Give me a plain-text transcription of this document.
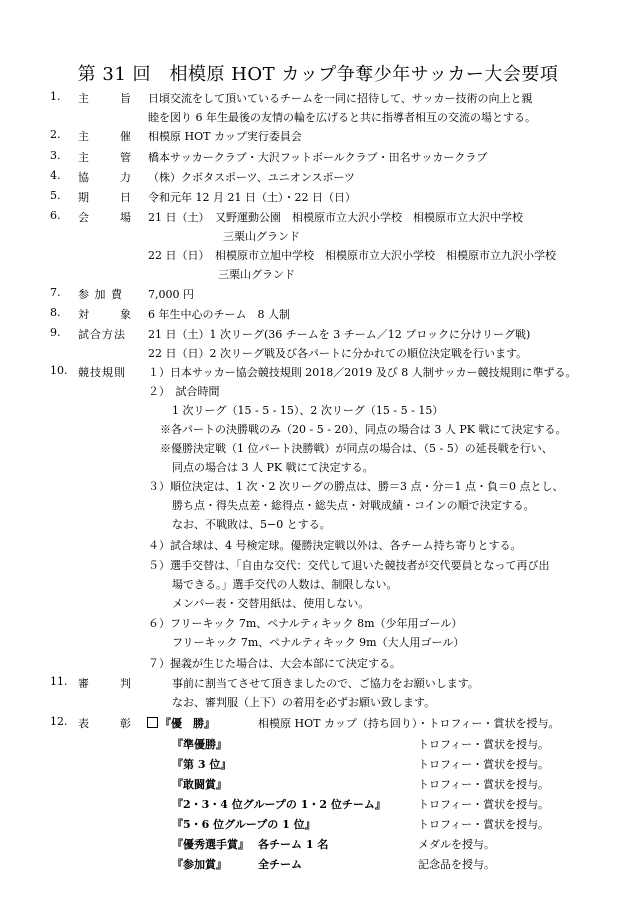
第 31 回　相模原 HOT カップ争奪少年サッカー大会要項
1. 主	旨 日頃交流をして頂いているチームを一同に招待して、サッカー技術の向上と親
睦を図り 6 年生最後の友情の輪を広げると共に指導者相互の交流の場とする。
2. 主	催 相模原 HOT カップ実行委員会
3. 主	管 橋本サッカークラブ・大沢フットボールクラブ・田名サッカークラブ
4. 協	力 （株）クボタスポーツ、ユニオンスポーツ
5. 期	日 令和元年 12 月 21 日（土）・22 日（日）
6. 会	場 21 日（土）　又野運動公園　相模原市立大沢小学校　相模原市立大沢中学校
三栗山グランド
22 日（日）　相模原市立旭中学校　相模原市立大沢小学校　相模原市立九沢小学校
三栗山グランド
7. 参 加 費	7,000 円
8. 対	象 6 年生中心のチーム　8 人制
9. 試合方法	21 日（土）1 次リーグ(36 チームを 3 チーム／12 ブロックに分けリーグ戦)
22 日（日）2 次リーグ戦及び各パートに分かれての順位決定戦を行います。
10. 競技規則	１）日本サッカー協会競技規則 2018／2019 及び 8 人制サッカー競技規則に準ずる。
２）　試合時間
1 次リーグ（15 - 5 - 15）、2 次リーグ（15 - 5 - 15）
※各パートの決勝戦のみ（20 - 5 - 20）、同点の場合は 3 人 PK 戦にて決定する。
※優勝決定戦（1 位パート決勝戦）が同点の場合は、（5 - 5）の延長戦を行い、
同点の場合は 3 人 PK 戦にて決定する。
３）順位決定は、1 次・2 次リーグの勝点は、勝＝3 点・分＝1 点・負＝0 点とし、
勝ち点・得失点差・総得点・総失点・対戦成績・コインの順で決定する。
なお、不戦敗は、5−0 とする。
４）試合球は、4 号検定球。優勝決定戦以外は、各チーム持ち寄りとする。
５）選手交替は、「自由な交代：交代して退いた競技者が交代要員となって再び出
場できる。」選手交代の人数は、制限しない。
メンバー表・交替用紙は、使用しない。
６）フリーキック 7m、ペナルティキック 8m（少年用ゴール）
フリーキック 7m、ペナルティキック 9m（大人用ゴール）
７）握義が生じた場合は、大会本部にて決定する。
11. 審	判	事前に割当てさせて頂きましたので、ご協力をお願いします。
なお、審判服（上下）の着用を必ずお願い致します。
12. 表	彰	『優　勝』	相模原 HOT カップ（持ち回り）・トロフィー・賞状を授与。
『準優勝』	トロフィー・賞状を授与。
『第 3 位』	トロフィー・賞状を授与。
『敢闘賞』	トロフィー・賞状を授与。
『2・3・4 位グループの 1・2 位チーム』	トロフィー・賞状を授与。
『5・6 位グループの 1 位』	トロフィー・賞状を授与。
『優秀選手賞』 各チーム 1 名	メダルを授与。
『参加賞』	全チーム	記念品を授与。
